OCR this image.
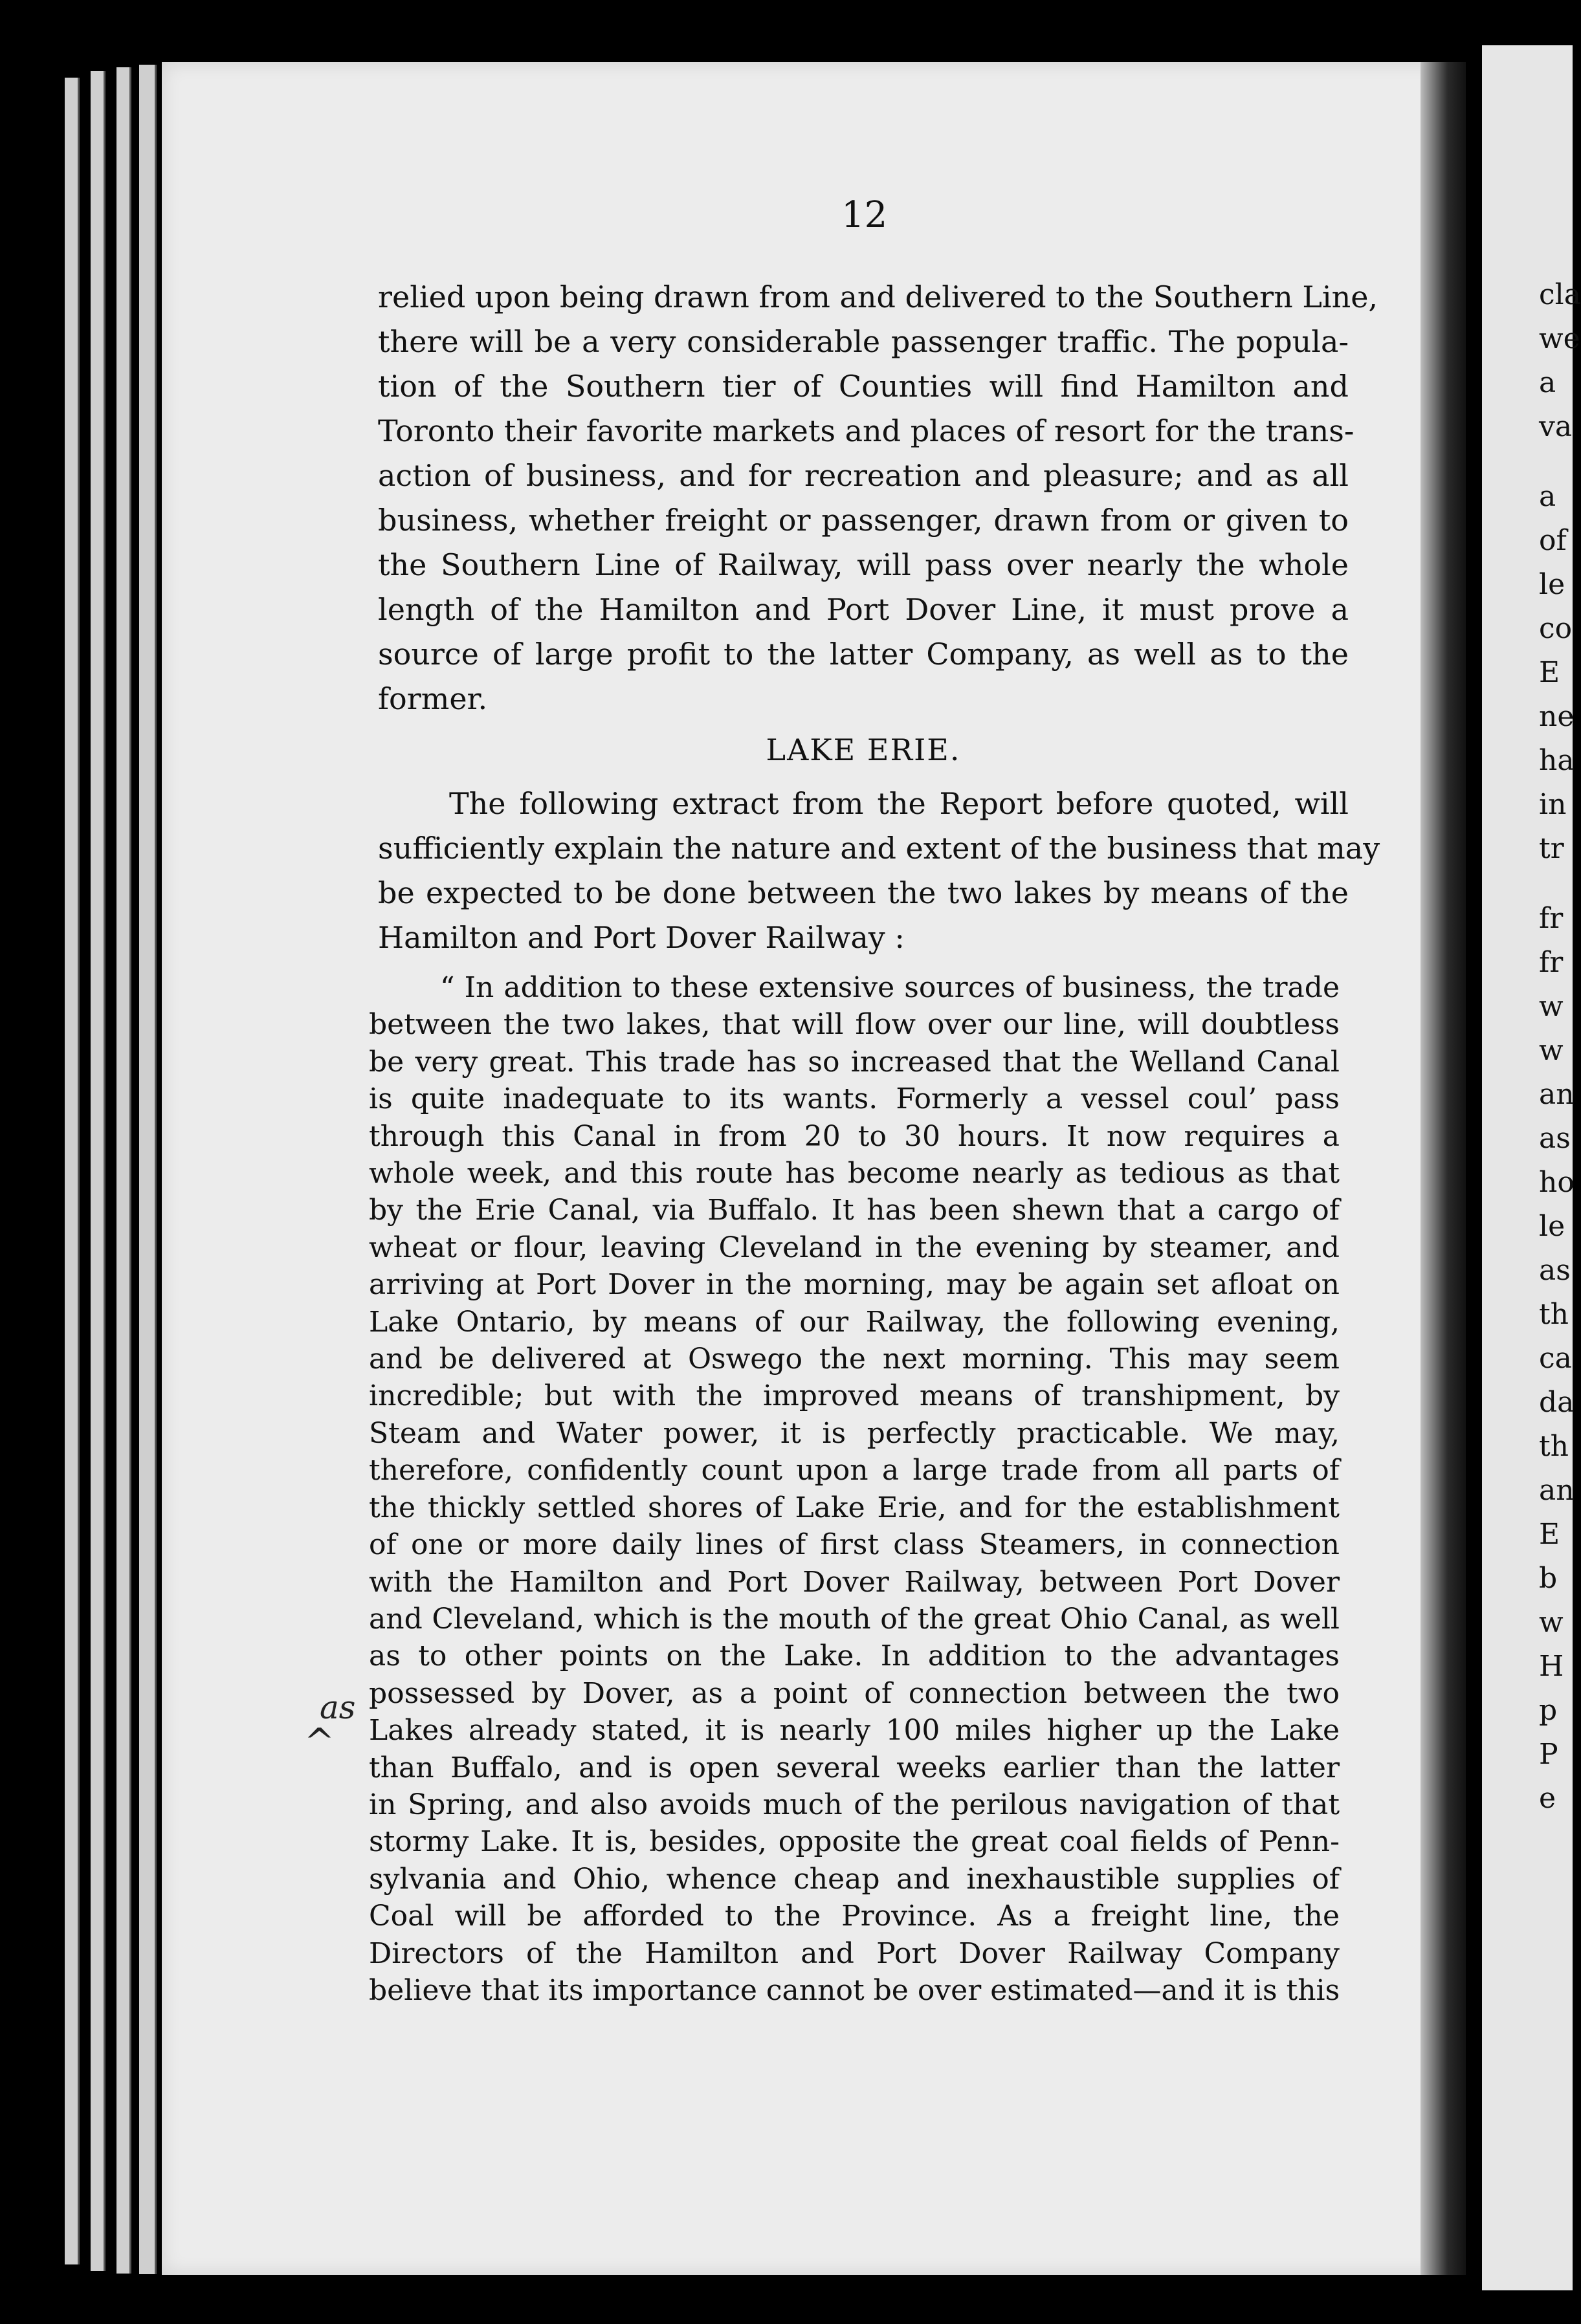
cla
we
a
va
a
of
le
co
E
ne
ha
in
tr
fr
fr
w
w
an
as
ho
le
as
th
ca
da
th
an
E
b
w
H
p
P
e
12
relied upon being drawn from and delivered to the Southern Line,
there will be a very considerable passenger traffic. The popula-
tion of the Southern tier of Counties will find Hamilton and
Toronto their favorite markets and places of resort for the trans-
action of business, and for recreation and pleasure; and as all
business, whether freight or passenger, drawn from or given to
the Southern Line of Railway, will pass over nearly the whole
length of the Hamilton and Port Dover Line, it must prove a
source of large profit to the latter Company, as well as to the
former.
LAKE ERIE.
The following extract from the Report before quoted, will
sufficiently explain the nature and extent of the business that may
be expected to be done between the two lakes by means of the
Hamilton and Port Dover Railway :
“ In addition to these extensive sources of business, the trade
between the two lakes, that will flow over our line, will doubtless
be very great. This trade has so increased that the Welland Canal
is quite inadequate to its wants. Formerly a vessel coul’ pass
through this Canal in from 20 to 30 hours. It now requires a
whole week, and this route has become nearly as tedious as that
by the Erie Canal, via Buffalo. It has been shewn that a cargo of
wheat or flour, leaving Cleveland in the evening by steamer, and
arriving at Port Dover in the morning, may be again set afloat on
Lake Ontario, by means of our Railway, the following evening,
and be delivered at Oswego the next morning. This may seem
incredible; but with the improved means of transhipment, by
Steam and Water power, it is perfectly practicable. We may,
therefore, confidently count upon a large trade from all parts of
the thickly settled shores of Lake Erie, and for the establishment
of one or more daily lines of first class Steamers, in connection
with the Hamilton and Port Dover Railway, between Port Dover
and Cleveland, which is the mouth of the great Ohio Canal, as well
as to other points on the Lake. In addition to the advantages
possessed by Dover, as a point of connection between the two
Lakes already stated, it is nearly 100 miles higher up the Lake
than Buffalo, and is open several weeks earlier than the latter
in Spring, and also avoids much of the perilous navigation of that
stormy Lake. It is, besides, opposite the great coal fields of Penn-
sylvania and Ohio, whence cheap and inexhaustible supplies of
Coal will be afforded to the Province. As a freight line, the
Directors of the Hamilton and Port Dover Railway Company
believe that its importance cannot be over estimated—and it is this
as
^
